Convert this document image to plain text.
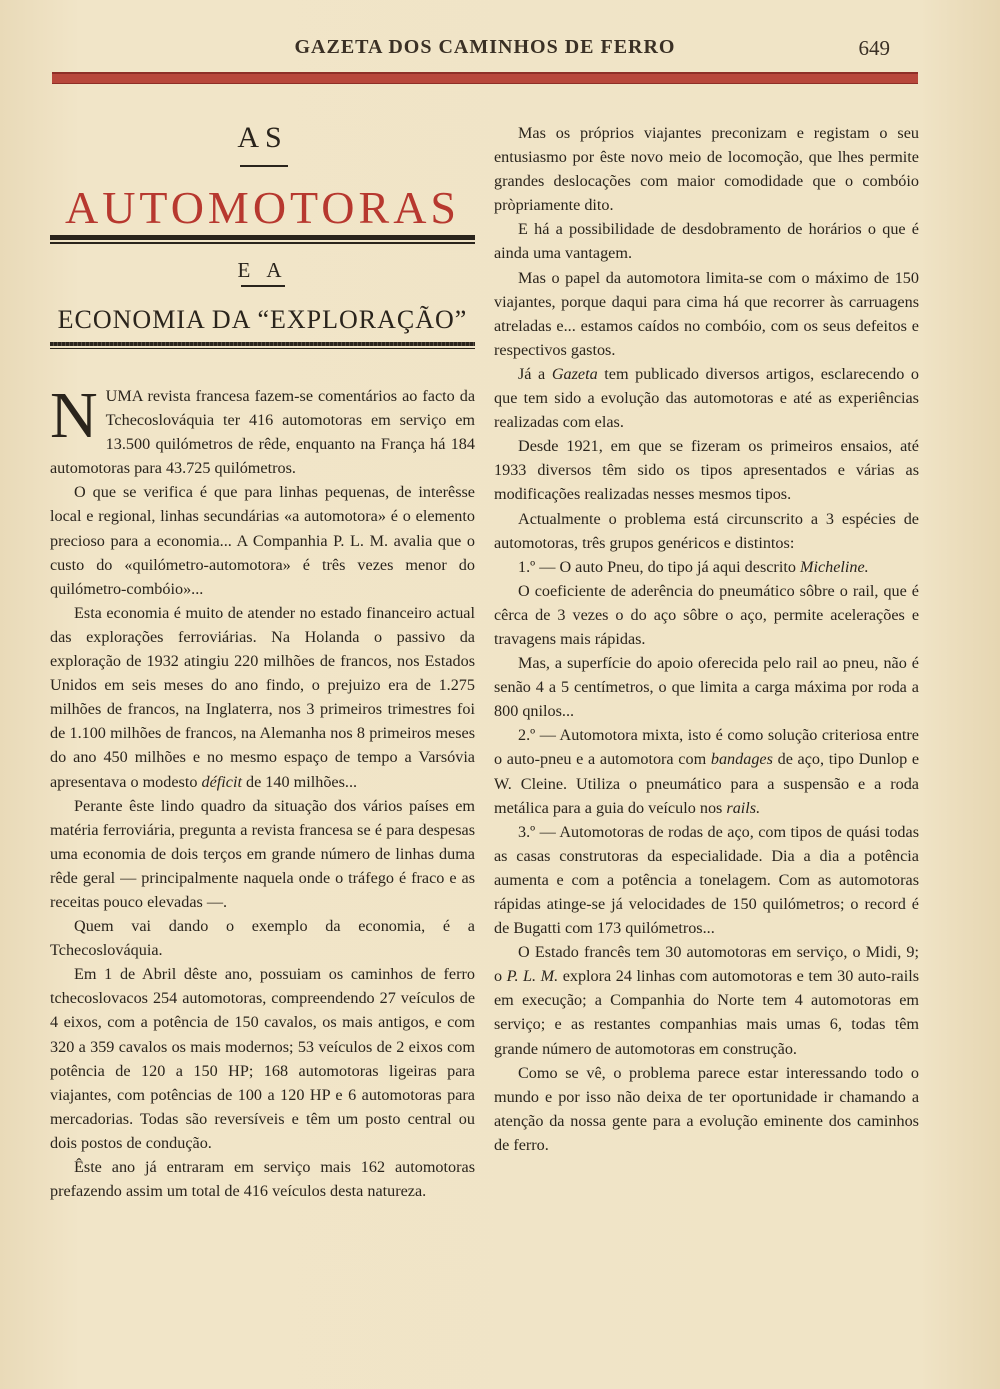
GAZETA DOS CAMINHOS DE FERRO	649
AS
AUTOMOTORAS
E A
ECONOMIA DA “EXPLORAÇÃO”

NUMA revista francesa fazem-se comentários ao facto da Tchecoslováquia ter 416 automotoras em serviço em 13.500 quilómetros de rêde, enquanto na França há 184 automotoras para 43.725 quilómetros.

O que se verifica é que para linhas pequenas, de interêsse local e regional, linhas secundárias «a automotora» é o elemento precioso para a economia... A Companhia P. L. M. avalia que o custo do «quilómetro-automotora» é três vezes menor do quilómetro-combóio»...

Esta economia é muito de atender no estado financeiro actual das explorações ferroviárias. Na Holanda o passivo da exploração de 1932 atingiu 220 milhões de francos, nos Estados Unidos em seis meses do ano findo, o prejuizo era de 1.275 milhões de francos, na Inglaterra, nos 3 primeiros trimestres foi de 1.100 milhões de francos, na Alemanha nos 8 primeiros meses do ano 450 milhões e no mesmo espaço de tempo a Varsóvia apresentava o modesto déficit de 140 milhões...

Perante êste lindo quadro da situação dos vários países em matéria ferroviária, pregunta a revista francesa se é para despesas uma economia de dois terços em grande número de linhas duma rêde geral — principalmente naquela onde o tráfego é fraco e as receitas pouco elevadas —.

Quem vai dando o exemplo da economia, é a Tchecoslováquia.

Em 1 de Abril dêste ano, possuiam os caminhos de ferro tchecoslovacos 254 automotoras, compreendendo 27 veículos de 4 eixos, com a potência de 150 cavalos, os mais antigos, e com 320 a 359 cavalos os mais modernos; 53 veículos de 2 eixos com potência de 120 a 150 HP; 168 automotoras ligeiras para viajantes, com potências de 100 a 120 HP e 6 automotoras para mercadorias. Todas são reversíveis e têm um posto central ou dois postos de condução.

Êste ano já entraram em serviço mais 162 automotoras prefazendo assim um total de 416 veículos desta natureza.

Mas os próprios viajantes preconizam e registam o seu entusiasmo por êste novo meio de locomoção, que lhes permite grandes deslocações com maior comodidade que o combóio pròpriamente dito.

E há a possibilidade de desdobramento de horários o que é ainda uma vantagem.

Mas o papel da automotora limita-se com o máximo de 150 viajantes, porque daqui para cima há que recorrer às carruagens atreladas e... estamos caídos no combóio, com os seus defeitos e respectivos gastos.

Já a Gazeta tem publicado diversos artigos, esclarecendo o que tem sido a evolução das automotoras e até as experiências realizadas com elas.

Desde 1921, em que se fizeram os primeiros ensaios, até 1933 diversos têm sido os tipos apresentados e várias as modificações realizadas nesses mesmos tipos.

Actualmente o problema está circunscrito a 3 espécies de automotoras, três grupos genéricos e distintos:

1.º — O auto Pneu, do tipo já aqui descrito Micheline.

O coeficiente de aderência do pneumático sôbre o rail, que é cêrca de 3 vezes o do aço sôbre o aço, permite acelerações e travagens mais rápidas.

Mas, a superfície do apoio oferecida pelo rail ao pneu, não é senão 4 a 5 centímetros, o que limita a carga máxima por roda a 800 qnilos...

2.º — Automotora mixta, isto é como solução criteriosa entre o auto-pneu e a automotora com bandages de aço, tipo Dunlop e W. Cleine. Utiliza o pneumático para a suspensão e a roda metálica para a guia do veículo nos rails.

3.º — Automotoras de rodas de aço, com tipos de quási todas as casas construtoras da especialidade. Dia a dia a potência aumenta e com a potência a tonelagem. Com as automotoras rápidas atinge-se já velocidades de 150 quilómetros; o record é de Bugatti com 173 quilómetros...

O Estado francês tem 30 automotoras em serviço, o Midi, 9; o P. L. M. explora 24 linhas com automotoras e tem 30 auto-rails em execução; a Companhia do Norte tem 4 automotoras em serviço; e as restantes companhias mais umas 6, todas têm grande número de automotoras em construção.

Como se vê, o problema parece estar interessando todo o mundo e por isso não deixa de ter oportunidade ir chamando a atenção da nossa gente para a evolução eminente dos caminhos de ferro.
